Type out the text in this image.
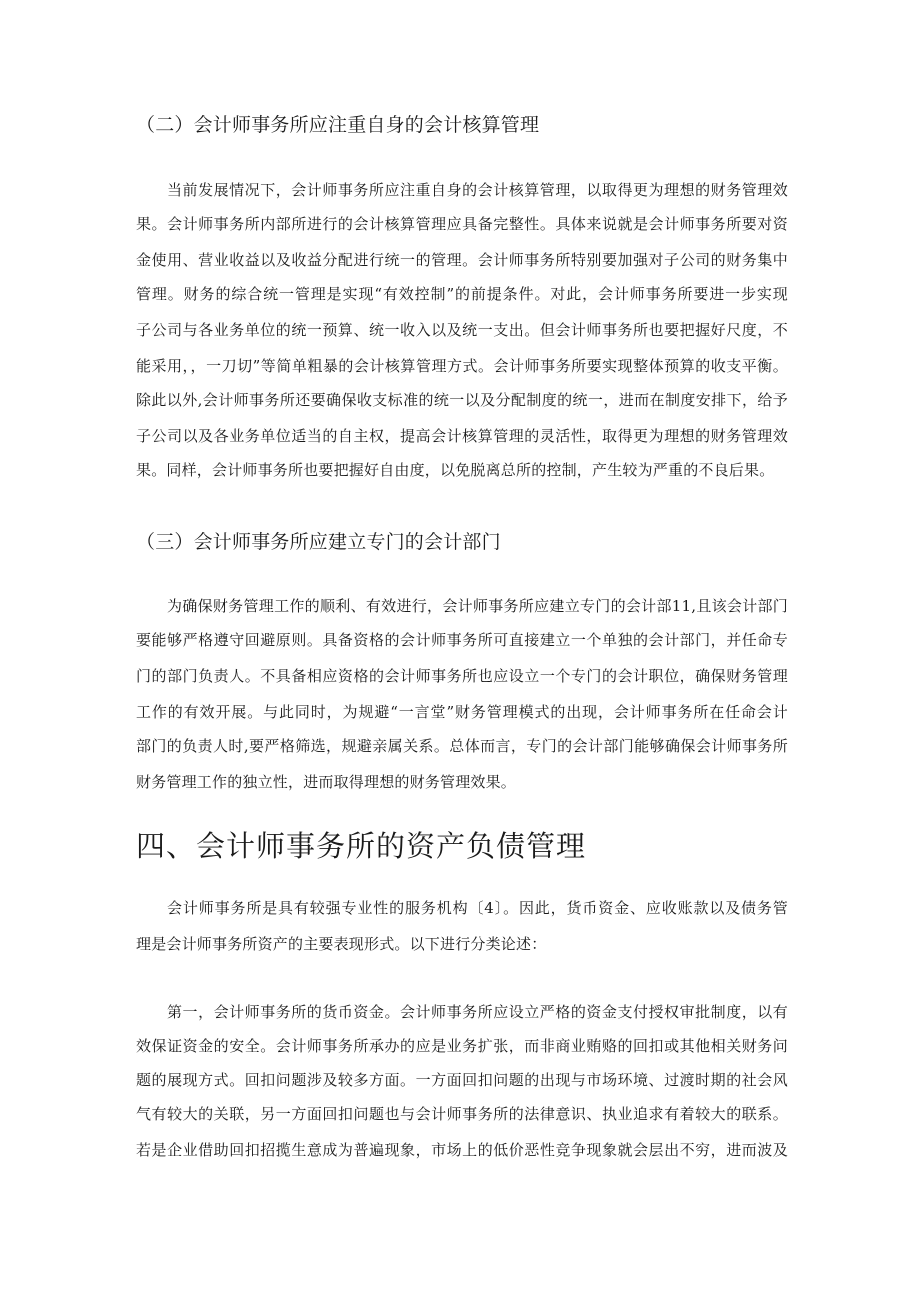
（二）会计师事务所应注重自身的会计核算管理
当前发展情况下，会计师事务所应注重自身的会计核算管理，以取得更为理想的财务管理效
果。会计师事务所内部所进行的会计核算管理应具备完整性。具体来说就是会计师事务所要对资
金使用、营业收益以及收益分配进行统一的管理。会计师事务所特别要加强对子公司的财务集中
管理。财务的综合统一管理是实现“有效控制”的前提条件。对此，会计师事务所要进一步实现
子公司与各业务单位的统一预算、统一收入以及统一支出。但会计师事务所也要把握好尺度，不
能采用，，一刀切”等简单粗暴的会计核算管理方式。会计师事务所要实现整体预算的收支平衡。
除此以外,会计师事务所还要确保收支标准的统一以及分配制度的统一，进而在制度安排下，给予
子公司以及各业务单位适当的自主权，提高会计核算管理的灵活性，取得更为理想的财务管理效
果。同样，会计师事务所也要把握好自由度，以免脱离总所的控制，产生较为严重的不良后果。
（三）会计师事务所应建立专门的会计部门
为确保财务管理工作的顺利、有效进行，会计师事务所应建立专门的会计部11,且该会计部门
要能够严格遵守回避原则。具备资格的会计师事务所可直接建立一个单独的会计部门，并任命专
门的部门负责人。不具备相应资格的会计师事务所也应设立一个专门的会计职位，确保财务管理
工作的有效开展。与此同时，为规避“一言堂”财务管理模式的出现，会计师事务所在任命会计
部门的负责人时,要严格筛选，规避亲属关系。总体而言，专门的会计部门能够确保会计师事务所
财务管理工作的独立性，进而取得理想的财务管理效果。
四、会计师事务所的资产负债管理
会计师事务所是具有较强专业性的服务机构〔4〕。因此，货币资金、应收账款以及债务管
理是会计师事务所资产的主要表现形式。以下进行分类论述：
第一，会计师事务所的货币资金。会计师事务所应设立严格的资金支付授权审批制度，以有
效保证资金的安全。会计师事务所承办的应是业务扩张，而非商业贿赂的回扣或其他相关财务问
题的展现方式。回扣问题涉及较多方面。一方面回扣问题的出现与市场环境、过渡时期的社会风
气有较大的关联，另一方面回扣问题也与会计师事务所的法律意识、执业追求有着较大的联系。
若是企业借助回扣招揽生意成为普遍现象，市场上的低价恶性竞争现象就会层出不穷，进而波及
